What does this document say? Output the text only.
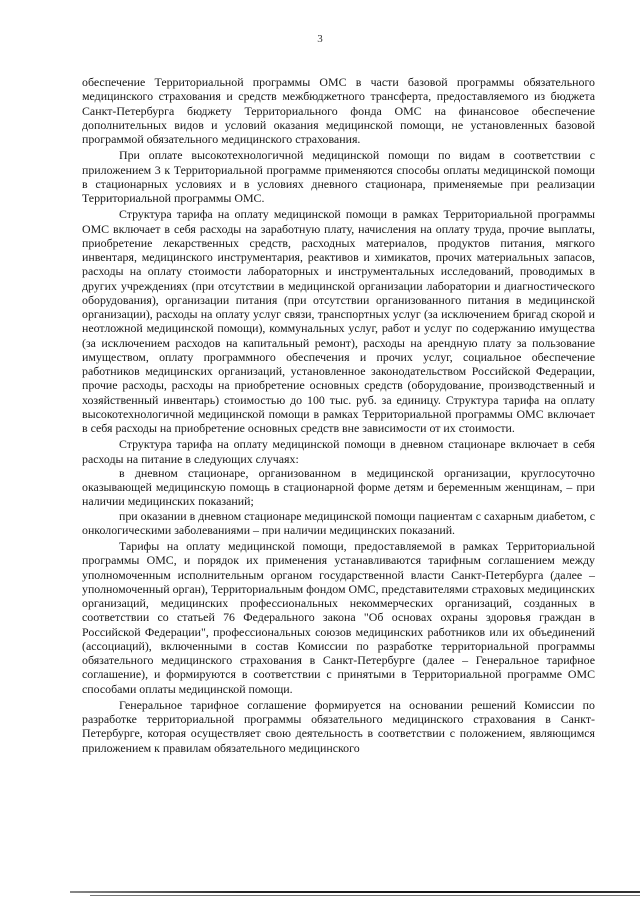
3

обеспечение Территориальной программы ОМС в части базовой программы обязательного медицинского страхования и средств межбюджетного трансферта, предоставляемого из бюджета Санкт-Петербурга бюджету Территориального фонда ОМС на финансовое обеспечение дополнительных видов и условий оказания медицинской помощи, не установленных базовой программой обязательного медицинского страхования.

При оплате высокотехнологичной медицинской помощи по видам в соответствии с приложением 3 к Территориальной программе применяются способы оплаты медицинской помощи в стационарных условиях и в условиях дневного стационара, применяемые при реализации Территориальной программы ОМС.

Структура тарифа на оплату медицинской помощи в рамках Территориальной программы ОМС включает в себя расходы на заработную плату, начисления на оплату труда, прочие выплаты, приобретение лекарственных средств, расходных материалов, продуктов питания, мягкого инвентаря, медицинского инструментария, реактивов и химикатов, прочих материальных запасов, расходы на оплату стоимости лабораторных и инструментальных исследований, проводимых в других учреждениях (при отсутствии в медицинской организации лаборатории и диагностического оборудования), организации питания (при отсутствии организованного питания в медицинской организации), расходы на оплату услуг связи, транспортных услуг (за исключением бригад скорой и неотложной медицинской помощи), коммунальных услуг, работ и услуг по содержанию имущества (за исключением расходов на капитальный ремонт), расходы на арендную плату за пользование имуществом, оплату программного обеспечения и прочих услуг, социальное обеспечение работников медицинских организаций, установленное законодательством Российской Федерации, прочие расходы, расходы на приобретение основных средств (оборудование, производственный и хозяйственный инвентарь) стоимостью до 100 тыс. руб. за единицу. Структура тарифа на оплату высокотехнологичной медицинской помощи в рамках Территориальной программы ОМС включает в себя расходы на приобретение основных средств вне зависимости от их стоимости.

Структура тарифа на оплату медицинской помощи в дневном стационаре включает в себя расходы на питание в следующих случаях:

в дневном стационаре, организованном в медицинской организации, круглосуточно оказывающей медицинскую помощь в стационарной форме детям и беременным женщинам, – при наличии медицинских показаний;

при оказании в дневном стационаре медицинской помощи пациентам с сахарным диабетом, с онкологическими заболеваниями – при наличии медицинских показаний.

Тарифы на оплату медицинской помощи, предоставляемой в рамках Территориальной программы ОМС, и порядок их применения устанавливаются тарифным соглашением между уполномоченным исполнительным органом государственной власти Санкт-Петербурга (далее – уполномоченный орган), Территориальным фондом ОМС, представителями страховых медицинских организаций, медицинских профессиональных некоммерческих организаций, созданных в соответствии со статьей 76 Федерального закона "Об основах охраны здоровья граждан в Российской Федерации", профессиональных союзов медицинских работников или их объединений (ассоциаций), включенными в состав Комиссии по разработке территориальной программы обязательного медицинского страхования в Санкт-Петербурге (далее – Генеральное тарифное соглашение), и формируются в соответствии с принятыми в Территориальной программе ОМС способами оплаты медицинской помощи.

Генеральное тарифное соглашение формируется на основании решений Комиссии по разработке территориальной программы обязательного медицинского страхования в Санкт-Петербурге, которая осуществляет свою деятельность в соответствии с положением, являющимся приложением к правилам обязательного медицинского
